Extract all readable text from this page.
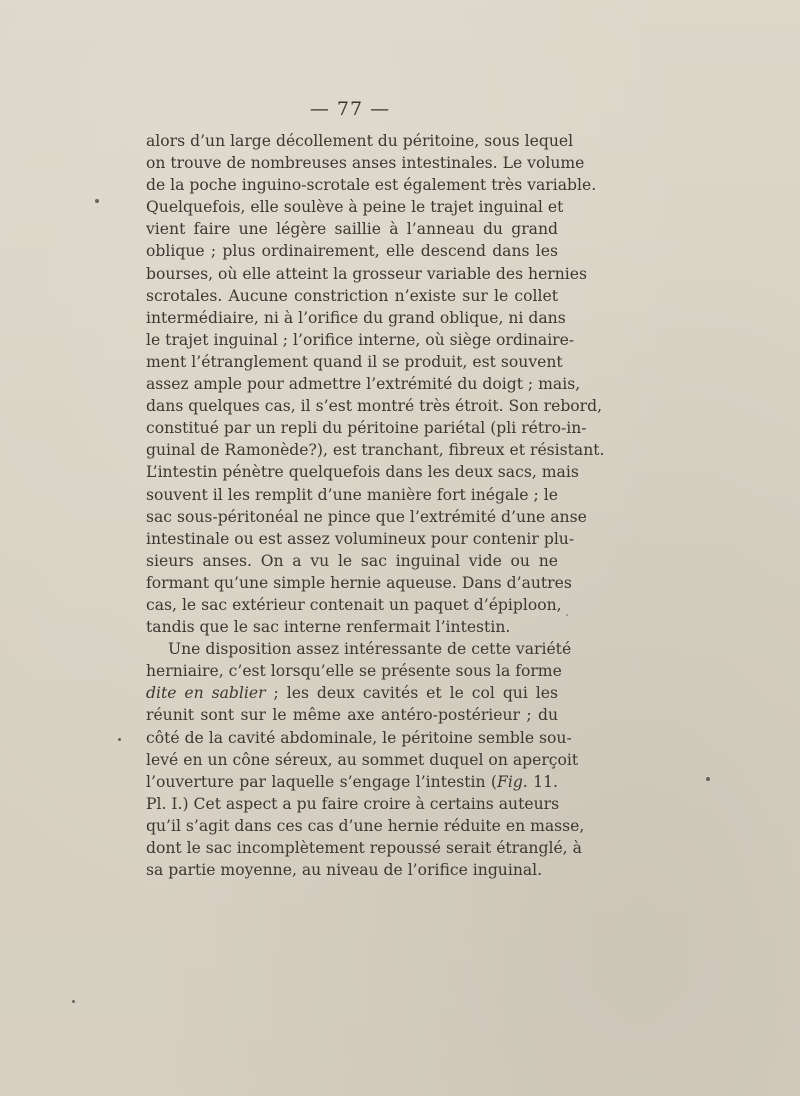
— 77 —

alors d’un large décollement du péritoine, sous lequel
on trouve de nombreuses anses intestinales. Le volume
de la poche inguino-scrotale est également très variable.
Quelquefois, elle soulève à peine le trajet inguinal et
vient faire une légère saillie à l’anneau du grand
oblique ; plus ordinairement, elle descend dans les
bourses, où elle atteint la grosseur variable des hernies
scrotales. Aucune constriction n’existe sur le collet
intermédiaire, ni à l’orifice du grand oblique, ni dans
le trajet inguinal ; l’orifice interne, où siège ordinaire-
ment l’étranglement quand il se produit, est souvent
assez ample pour admettre l’extrémité du doigt ; mais,
dans quelques cas, il s’est montré très étroit. Son rebord,
constitué par un repli du péritoine pariétal (pli rétro-in-
guinal de Ramonède?), est tranchant, fibreux et résistant.
L’intestin pénètre quelquefois dans les deux sacs, mais
souvent il les remplit d’une manière fort inégale ; le
sac sous-péritonéal ne pince que l’extrémité d’une anse
intestinale ou est assez volumineux pour contenir plu-
sieurs anses. On a vu le sac inguinal vide ou ne
formant qu’une simple hernie aqueuse. Dans d’autres
cas, le sac extérieur contenait un paquet d’épiploon,
tandis que le sac interne renfermait l’intestin.

Une disposition assez intéressante de cette variété
herniaire, c’est lorsqu’elle se présente sous la forme
dite en sablier ; les deux cavités et le col qui les
réunit sont sur le même axe antéro-postérieur ; du
côté de la cavité abdominale, le péritoine semble sou-
levé en un cône séreux, au sommet duquel on aperçoit
l’ouverture par laquelle s’engage l’intestin (Fig. 11.
Pl. I.) Cet aspect a pu faire croire à certains auteurs
qu’il s’agit dans ces cas d’une hernie réduite en masse,
dont le sac incomplètement repoussé serait étranglé, à
sa partie moyenne, au niveau de l’orifice inguinal.
